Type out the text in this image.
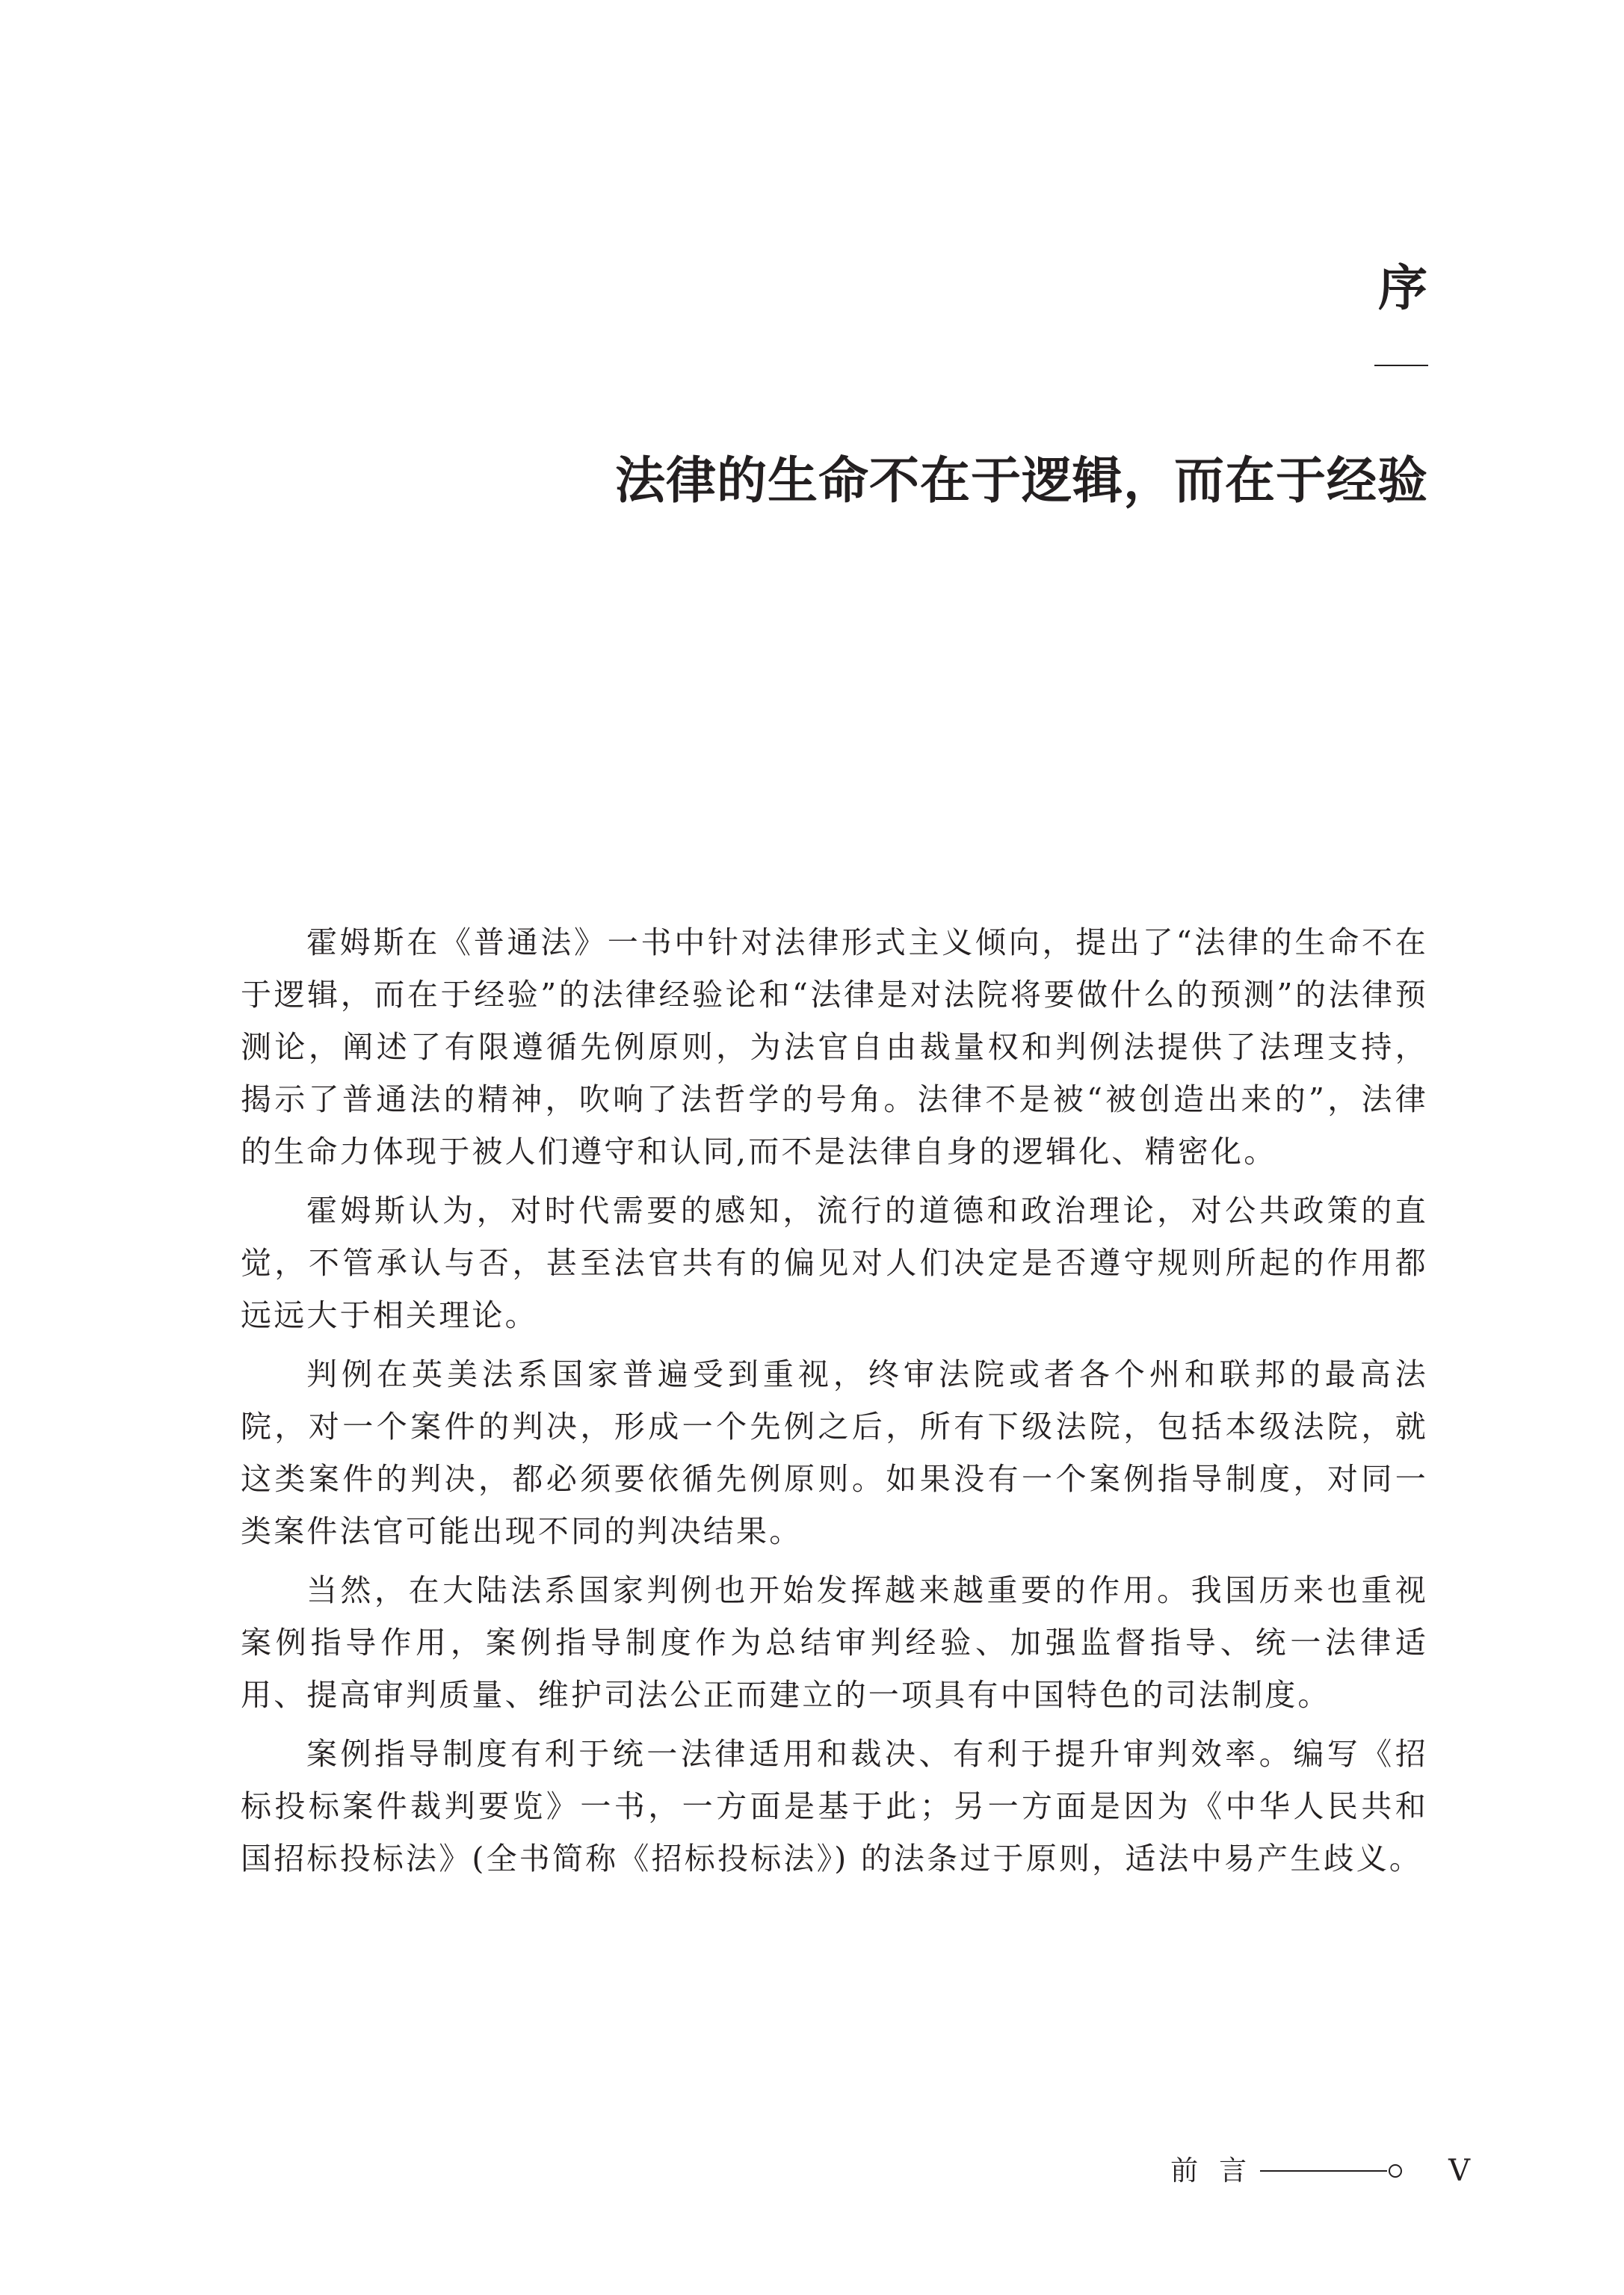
序
法律的生命不在于逻辑，而在于经验

霍姆斯在《普通法》一书中针对法律形式主义倾向，提出了“法律的生命不在于逻辑，而在于经验”的法律经验论和“法律是对法院将要做什么的预测”的法律预测论，阐述了有限遵循先例原则，为法官自由裁量权和判例法提供了法理支持，揭示了普通法的精神，吹响了法哲学的号角。法律不是被“被创造出来的”，法律的生命力体现于被人们遵守和认同,而不是法律自身的逻辑化、精密化。

霍姆斯认为，对时代需要的感知，流行的道德和政治理论，对公共政策的直觉，不管承认与否，甚至法官共有的偏见对人们决定是否遵守规则所起的作用都远远大于相关理论。

判例在英美法系国家普遍受到重视，终审法院或者各个州和联邦的最高法院，对一个案件的判决，形成一个先例之后，所有下级法院，包括本级法院，就这类案件的判决，都必须要依循先例原则。如果没有一个案例指导制度，对同一类案件法官可能出现不同的判决结果。

当然，在大陆法系国家判例也开始发挥越来越重要的作用。我国历来也重视案例指导作用，案例指导制度作为总结审判经验、加强监督指导、统一法律适用、提高审判质量、维护司法公正而建立的一项具有中国特色的司法制度。

案例指导制度有利于统一法律适用和裁决、有利于提升审判效率。编写《招标投标案件裁判要览》一书，一方面是基于此；另一方面是因为《中华人民共和国招标投标法》(全书简称《招标投标法》) 的法条过于原则，适法中易产生歧义。

前言	V
